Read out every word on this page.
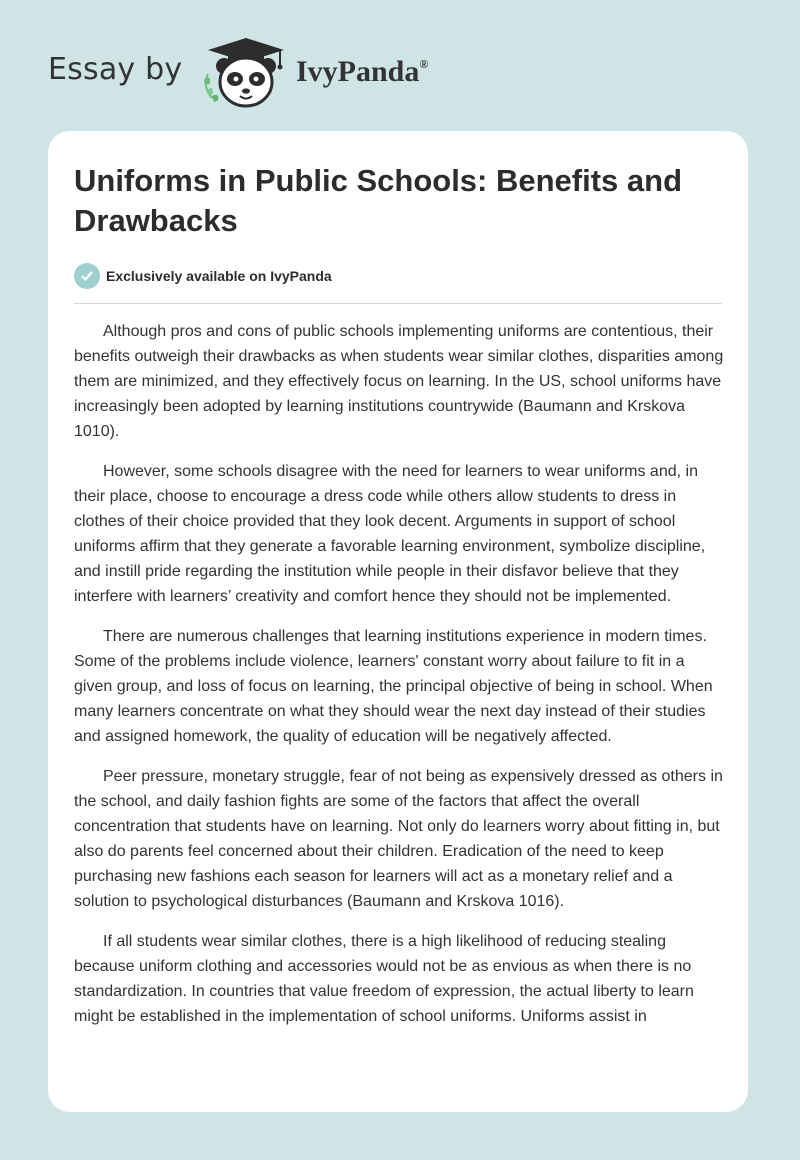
Essay by	IvyPanda®
Uniforms in Public Schools: Benefits and Drawbacks
Exclusively available on IvyPanda

Although pros and cons of public schools implementing uniforms are contentious, their benefits outweigh their drawbacks as when students wear similar clothes, disparities among them are minimized, and they effectively focus on learning. In the US, school uniforms have increasingly been adopted by learning institutions countrywide (Baumann and Krskova 1010).

However, some schools disagree with the need for learners to wear uniforms and, in their place, choose to encourage a dress code while others allow students to dress in clothes of their choice provided that they look decent. Arguments in support of school uniforms affirm that they generate a favorable learning environment, symbolize discipline, and instill pride regarding the institution while people in their disfavor believe that they interfere with learners’ creativity and comfort hence they should not be implemented.

There are numerous challenges that learning institutions experience in modern times. Some of the problems include violence, learners' constant worry about failure to fit in a given group, and loss of focus on learning, the principal objective of being in school. When many learners concentrate on what they should wear the next day instead of their studies and assigned homework, the quality of education will be negatively affected.

Peer pressure, monetary struggle, fear of not being as expensively dressed as others in the school, and daily fashion fights are some of the factors that affect the overall concentration that students have on learning. Not only do learners worry about fitting in, but also do parents feel concerned about their children. Eradication of the need to keep purchasing new fashions each season for learners will act as a monetary relief and a solution to psychological disturbances (Baumann and Krskova 1016).

If all students wear similar clothes, there is a high likelihood of reducing stealing because uniform clothing and accessories would not be as envious as when there is no standardization. In countries that value freedom of expression, the actual liberty to learn might be established in the implementation of school uniforms. Uniforms assist in
